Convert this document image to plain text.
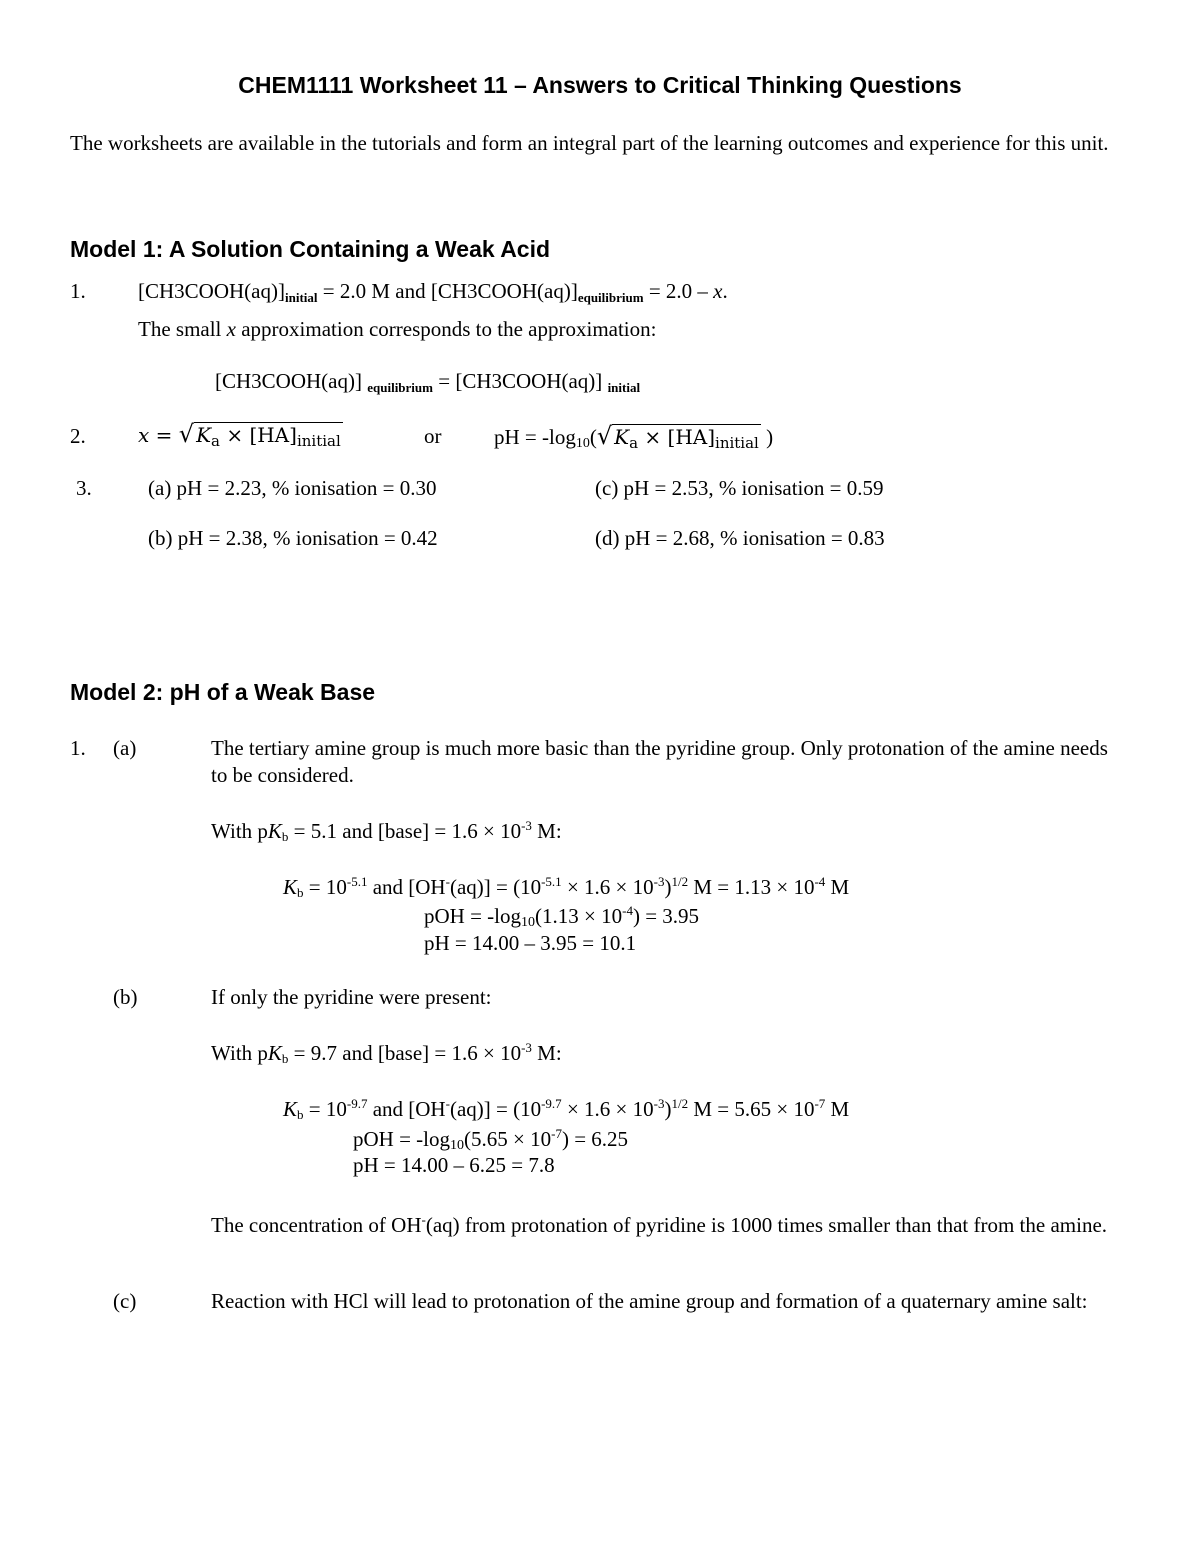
CHEM1111 Worksheet 11 – Answers to Critical Thinking Questions
The worksheets are available in the tutorials and form an integral part of the learning outcomes and experience for this unit.
Model 1: A Solution Containing a Weak Acid
1. [CH3COOH(aq)]initial = 2.0 M and [CH3COOH(aq)]equilibrium = 2.0 – x.
The small x approximation corresponds to the approximation:
[CH3COOH(aq)] equilibrium = [CH3COOH(aq)] initial
2.	x = √ $K_a \times [HA]_{initial}$	or	pH = $-\log_{10}(√$ $K_a \times [HA]_{initial}$ )
3.	(a) pH = 2.23, % ionisation = 0.30	(c) pH = 2.53, % ionisation = 0.59
(b) pH = 2.38, % ionisation = 0.42	(d) pH = 2.68, % ionisation = 0.83
Model 2: pH of a Weak Base
1. (a)	The tertiary amine group is much more basic than the pyridine group. Only protonation of the amine needs to be considered.
With $pK_b = 5.1$ and [base] = $1.6 \times 10^{-3}$ M:
$K_b = 10^{-5.1}$ and $[OH^-(aq)] = (10^{-5.1} \times 1.6 \times 10^{-3})^{1/2}$ $M = 1.13 \times 10^{-4}$ M
pOH = $-\log_{10}(1.13 \times 10^{-4}) = 3.95$
pH = 14.00 – 3.95 = 10.1
(b)	If only the pyridine were present:
With $pK_b = 9.7$ and [base] = $1.6 \times 10^{-3}$ M:
$K_b = 10^{-9.7}$ and $[OH^-(aq)] = (10^{-9.7} \times 1.6 \times 10^{-3})^{1/2}$ $M = 5.65 \times 10^{-7}$ M
pOH = $-\log_{10}(5.65 \times 10^{-7}) = 6.25$
pH = 14.00 – 6.25 = 7.8
The concentration of OH-(aq) from protonation of pyridine is 1000 times smaller than that from the amine.
(c)	Reaction with HCl will lead to protonation of the amine group and formation of a quaternary amine salt:
